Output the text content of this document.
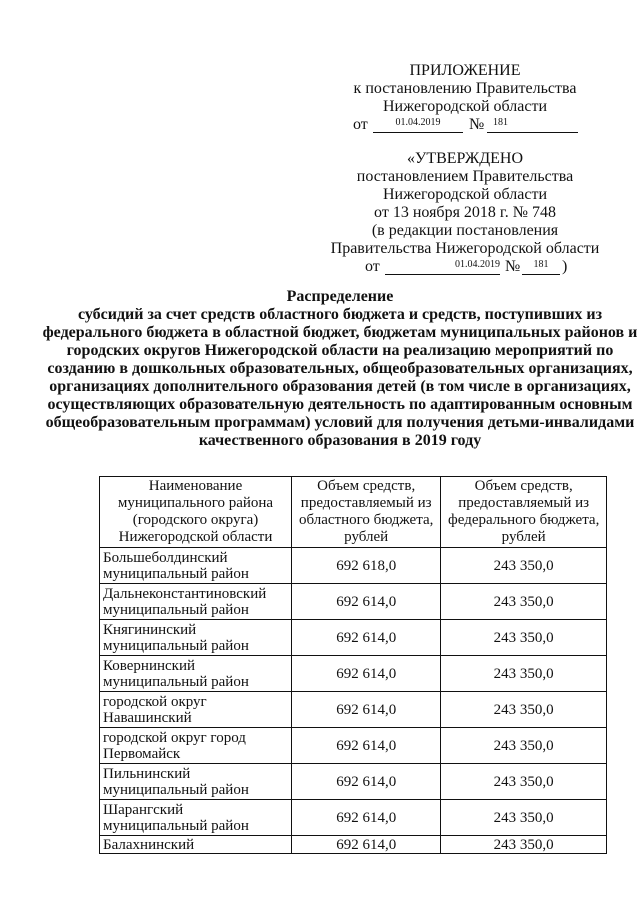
ПРИЛОЖЕНИЕ
к постановлению Правительства
Нижегородской области
от	01.04.2019	№ 181
«УТВЕРЖДЕНО
постановлением Правительства
Нижегородской области
от 13 ноября 2018 г. № 748
(в редакции постановления
Правительства Нижегородской области
от	01.04.2019 №	181 )
Распределение
субсидий за счет средств областного бюджета и средств, поступивших из федерального бюджета в областной бюджет, бюджетам муниципальных районов и городских округов Нижегородской области на реализацию мероприятий по созданию в дошкольных образовательных, общеобразовательных организациях, организациях дополнительного образования детей (в том числе в организациях, осуществляющих образовательную деятельность по адаптированным основным общеобразовательным программам) условий для получения детьми-инвалидами качественного образования в 2019 году
Наименование муниципального района (городского округа) Нижегородской области	Объем средств, предоставляемый из областного бюджета, рублей	Объем средств, предоставляемый из федерального бюджета, рублей
Большеболдинский муниципальный район	692 618,0	243 350,0
Дальнеконстантиновский муниципальный район	692 614,0	243 350,0
Княгининский муниципальный район	692 614,0	243 350,0
Ковернинский муниципальный район	692 614,0	243 350,0
городской округ Навашинский	692 614,0	243 350,0
городской округ город Первомайск	692 614,0	243 350,0
Пильнинский муниципальный район	692 614,0	243 350,0
Шарангский муниципальный район	692 614,0	243 350,0
Балахнинский	692 614,0	243 350,0
